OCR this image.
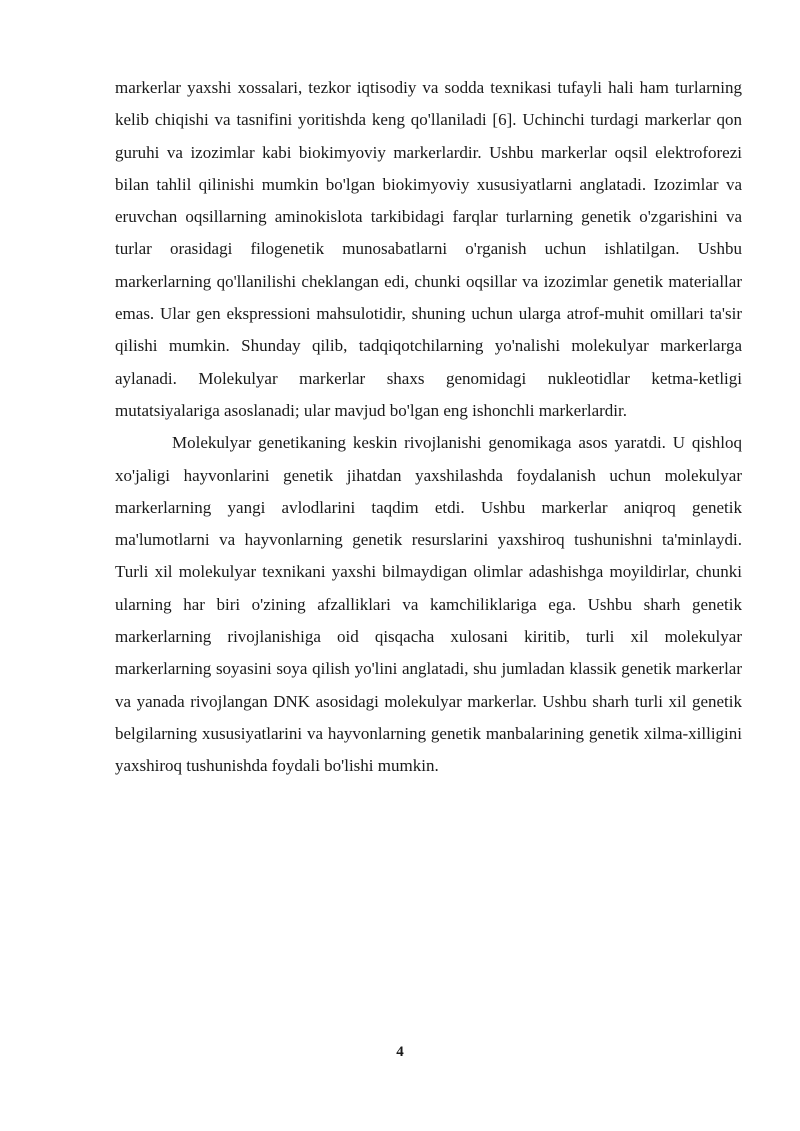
markerlar yaxshi xossalari, tezkor iqtisodiy va sodda texnikasi tufayli hali ham turlarning kelib chiqishi va tasnifini yoritishda keng qo'llaniladi [6]. Uchinchi turdagi markerlar qon guruhi va izozimlar kabi biokimyoviy markerlardir. Ushbu markerlar oqsil elektroforezi bilan tahlil qilinishi mumkin bo'lgan biokimyoviy xususiyatlarni anglatadi. Izozimlar va eruvchan oqsillarning aminokislota tarkibidagi farqlar turlarning genetik o'zgarishini va turlar orasidagi filogenetik munosabatlarni o'rganish uchun ishlatilgan. Ushbu markerlarning qo'llanilishi cheklangan edi, chunki oqsillar va izozimlar genetik materiallar emas. Ular gen ekspressioni mahsulotidir, shuning uchun ularga atrof-muhit omillari ta'sir qilishi mumkin. Shunday qilib, tadqiqotchilarning yo'nalishi molekulyar markerlarga aylanadi. Molekulyar markerlar shaxs genomidagi nukleotidlar ketma-ketligi mutatsiyalariga asoslanadi; ular mavjud bo'lgan eng ishonchli markerlardir.

Molekulyar genetikaning keskin rivojlanishi genomikaga asos yaratdi. U qishloq xo'jaligi hayvonlarini genetik jihatdan yaxshilashda foydalanish uchun molekulyar markerlarning yangi avlodlarini taqdim etdi. Ushbu markerlar aniqroq genetik ma'lumotlarni va hayvonlarning genetik resurslarini yaxshiroq tushunishni ta'minlaydi. Turli xil molekulyar texnikani yaxshi bilmaydigan olimlar adashishga moyildirlar, chunki ularning har biri o'zining afzalliklari va kamchiliklariga ega. Ushbu sharh genetik markerlarning rivojlanishiga oid qisqacha xulosani kiritib, turli xil molekulyar markerlarning soyasini soya qilish yo'lini anglatadi, shu jumladan klassik genetik markerlar va yanada rivojlangan DNK asosidagi molekulyar markerlar. Ushbu sharh turli xil genetik belgilarning xususiyatlarini va hayvonlarning genetik manbalarining genetik xilma-xilligini yaxshiroq tushunishda foydali bo'lishi mumkin.

4
